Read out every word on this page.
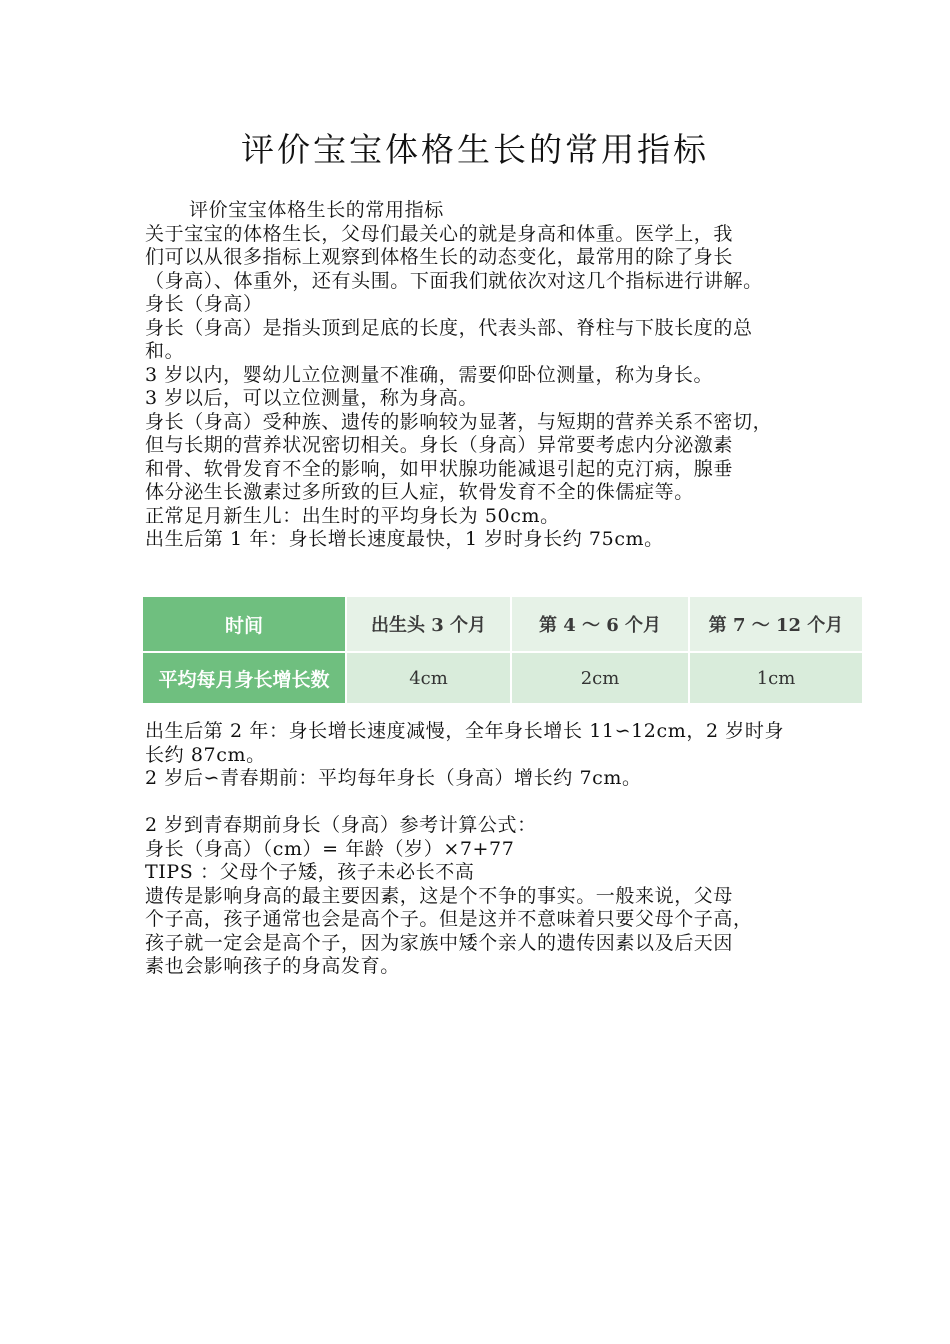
评价宝宝体格生长的常用指标

评价宝宝体格生长的常用指标

关于宝宝的体格生长，父母们最关心的就是身高和体重。医学上，我

们可以从很多指标上观察到体格生长的动态变化，最常用的除了身长

（身高）、体重外，还有头围。下面我们就依次对这几个指标进行讲解。

身长（身高）

身长（身高）是指头顶到足底的长度，代表头部、脊柱与下肢长度的总

和。

3 岁以内，婴幼儿立位测量不准确，需要仰卧位测量，称为身长。

3 岁以后，可以立位测量，称为身高。

身长（身高）受种族、遗传的影响较为显著，与短期的营养关系不密切，

但与长期的营养状况密切相关。身长（身高）异常要考虑内分泌激素

和骨、软骨发育不全的影响，如甲状腺功能减退引起的克汀病，腺垂

体分泌生长激素过多所致的巨人症，软骨发育不全的侏儒症等。

正常足月新生儿：出生时的平均身长为 50cm。

出生后第 1 年：身长增长速度最快，1 岁时身长约 75cm。

时间	出生头 3 个月	第 4 ～ 6 个月	第 7 ～ 12 个月
平均每月身长增长数	4cm	2cm	1cm

出生后第 2 年：身长增长速度减慢，全年身长增长 11∽12cm，2 岁时身

长约 87cm。

2 岁后∽青春期前：平均每年身长（身高）增长约 7cm。

2 岁到青春期前身长（身高）参考计算公式：

身长（身高）（cm）= 年龄（岁）×7+77

TIPS ：父母个子矮，孩子未必长不高

遗传是影响身高的最主要因素，这是个不争的事实。一般来说，父母

个子高，孩子通常也会是高个子。但是这并不意味着只要父母个子高，

孩子就一定会是高个子，因为家族中矮个亲人的遗传因素以及后天因

素也会影响孩子的身高发育。
